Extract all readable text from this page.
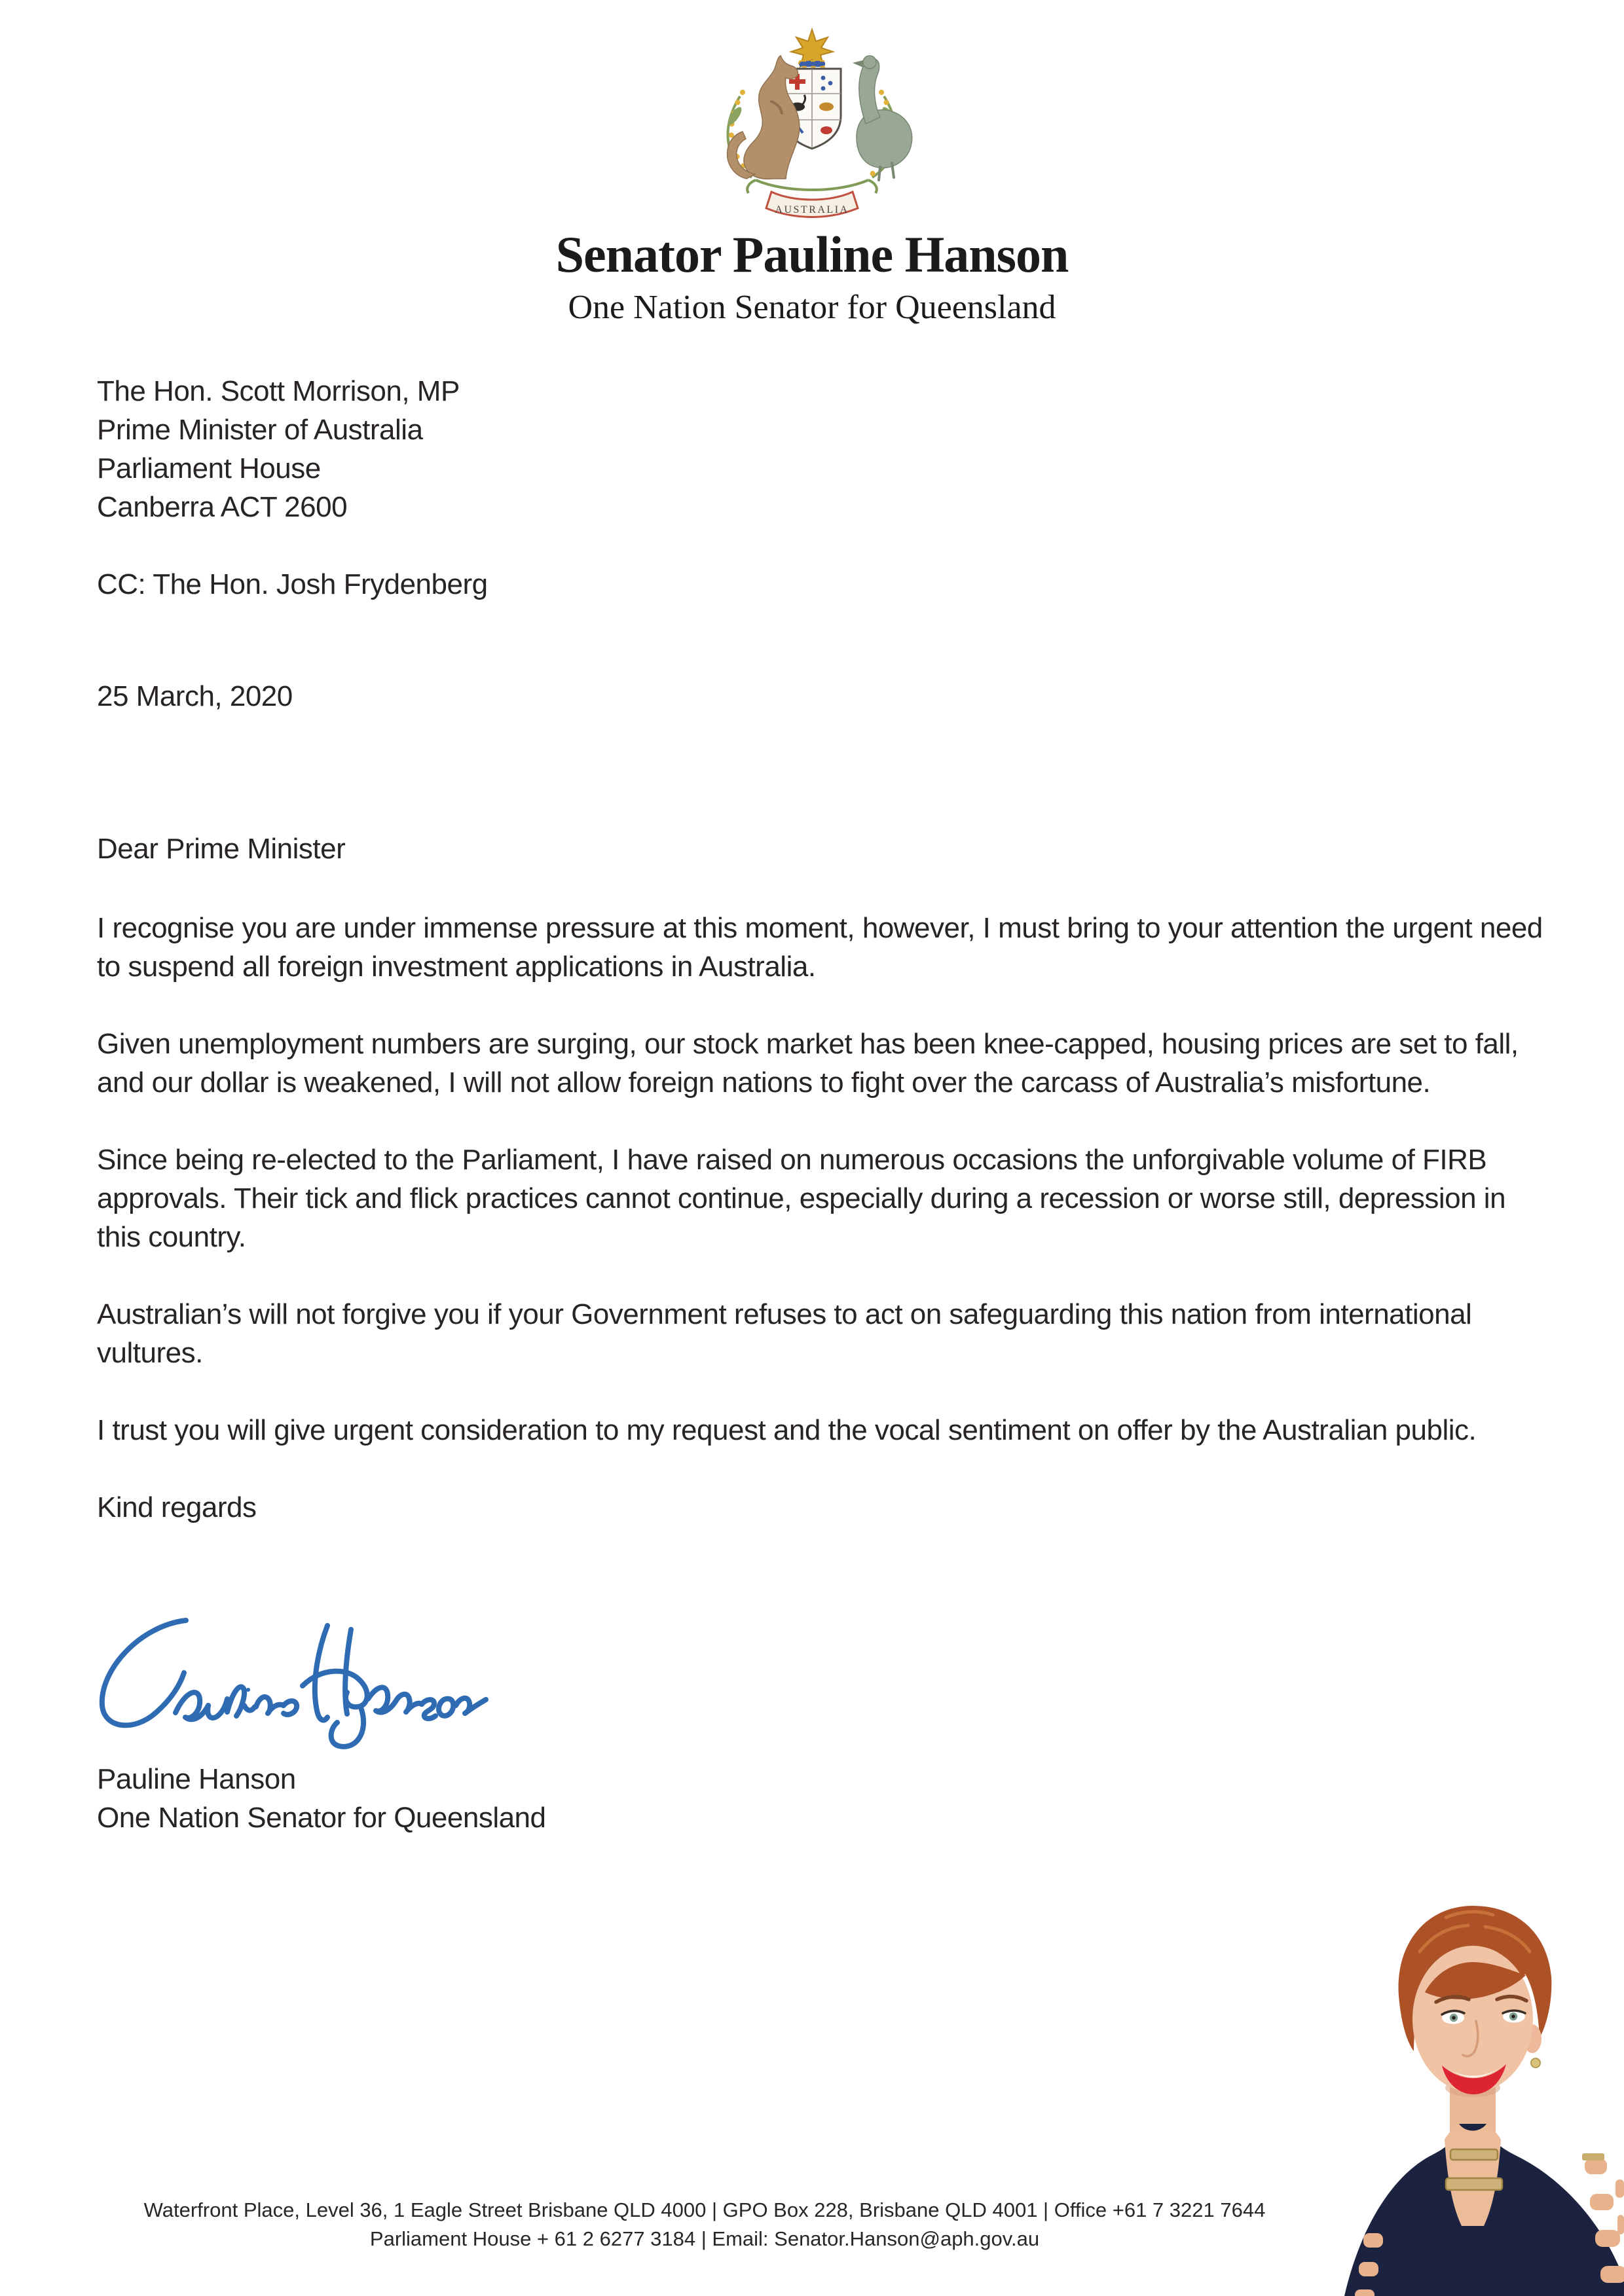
AUSTRALIA
Senator Pauline Hanson
One Nation Senator for Queensland
The Hon. Scott Morrison, MP
Prime Minister of Australia
Parliament House
Canberra ACT 2600
CC: The Hon. Josh Frydenberg
25 March, 2020
Dear Prime Minister

I recognise you are under immense pressure at this moment, however, I must bring to your attention the urgent need to suspend all foreign investment applications in Australia.

Given unemployment numbers are surging, our stock market has been knee-capped, housing prices are set to fall, and our dollar is weakened, I will not allow foreign nations to fight over the carcass of Australia’s misfortune.

Since being re-elected to the Parliament, I have raised on numerous occasions the unforgivable volume of FIRB approvals. Their tick and flick practices cannot continue, especially during a recession or worse still, depression in this country.

Australian’s will not forgive you if your Government refuses to act on safeguarding this nation from international vultures.

I trust you will give urgent consideration to my request and the vocal sentiment on offer by the Australian public.

Kind regards

Pauline Hanson
One Nation Senator for Queensland
Waterfront Place, Level 36, 1 Eagle Street Brisbane QLD 4000 | GPO Box 228, Brisbane QLD 4001 | Office +61 7 3221 7644
Parliament House + 61 2 6277 3184 | Email: Senator.Hanson@aph.gov.au
